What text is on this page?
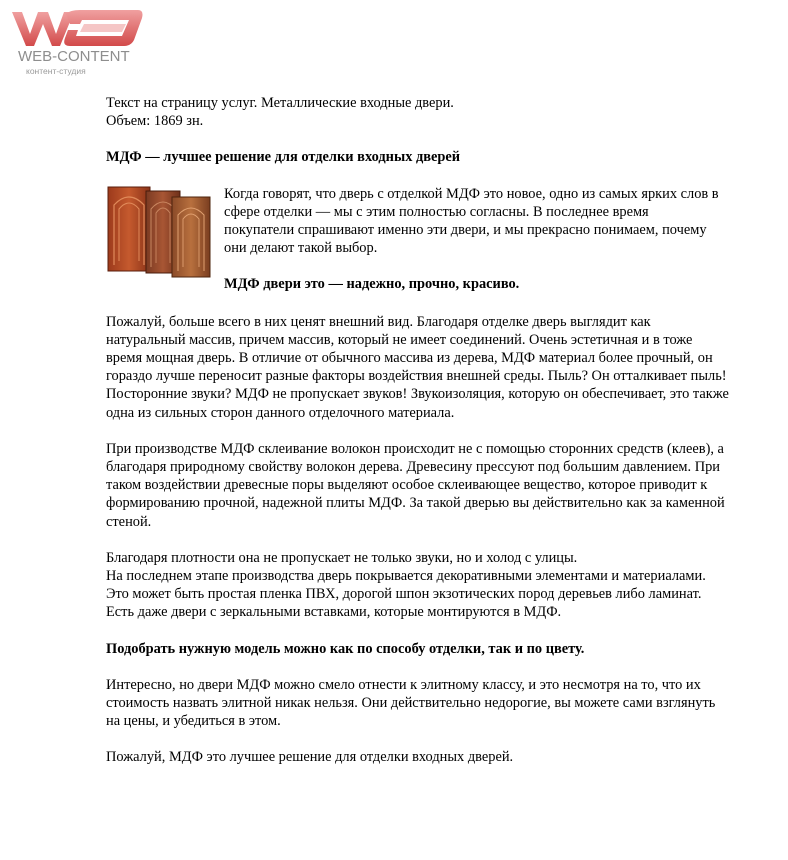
WEB-CONTENT
контент-студия

Текст на страницу услуг. Металлические входные двери.

Объем: 1869 зн.

МДФ — лучшее решение для отделки входных дверей

Когда говорят, что дверь с отделкой МДФ это новое, одно из самых ярких слов в сфере отделки — мы с этим полностью согласны. В последнее время покупатели спрашивают именно эти двери, и мы прекрасно понимаем, почему они делают такой выбор.

МДФ двери это — надежно, прочно, красиво.

Пожалуй, больше всего в них ценят внешний вид. Благодаря отделке дверь выглядит как натуральный массив, причем массив, который не имеет соединений. Очень эстетичная и в тоже время мощная дверь. В отличие от обычного массива из дерева, МДФ материал более прочный, он гораздо лучше переносит разные факторы воздействия внешней среды. Пыль? Он отталкивает пыль! Посторонние звуки? МДФ не пропускает звуков! Звукоизоляция, которую он обеспечивает, это также одна из сильных сторон данного отделочного материала.

При производстве МДФ склеивание волокон происходит не с помощью сторонних средств (клеев), а благодаря природному свойству волокон дерева. Древесину прессуют под большим давлением. При таком воздействии древесные поры выделяют особое склеивающее вещество, которое приводит к формированию прочной, надежной плиты МДФ. За такой дверью вы действительно как за каменной стеной.

Благодаря плотности она не пропускает не только звуки, но и холод с улицы.

На последнем этапе производства дверь покрывается декоративными элементами и материалами. Это может быть простая пленка ПВХ, дорогой шпон экзотических пород деревьев либо ламинат. Есть даже двери с зеркальными вставками, которые монтируются в МДФ.

Подобрать нужную модель можно как по способу отделки, так и по цвету.

Интересно, но двери МДФ можно смело отнести к элитному классу, и это несмотря на то, что их стоимость назвать элитной никак нельзя. Они действительно недорогие, вы можете сами взглянуть на цены, и убедиться в этом.

Пожалуй, МДФ это лучшее решение для отделки входных дверей.
